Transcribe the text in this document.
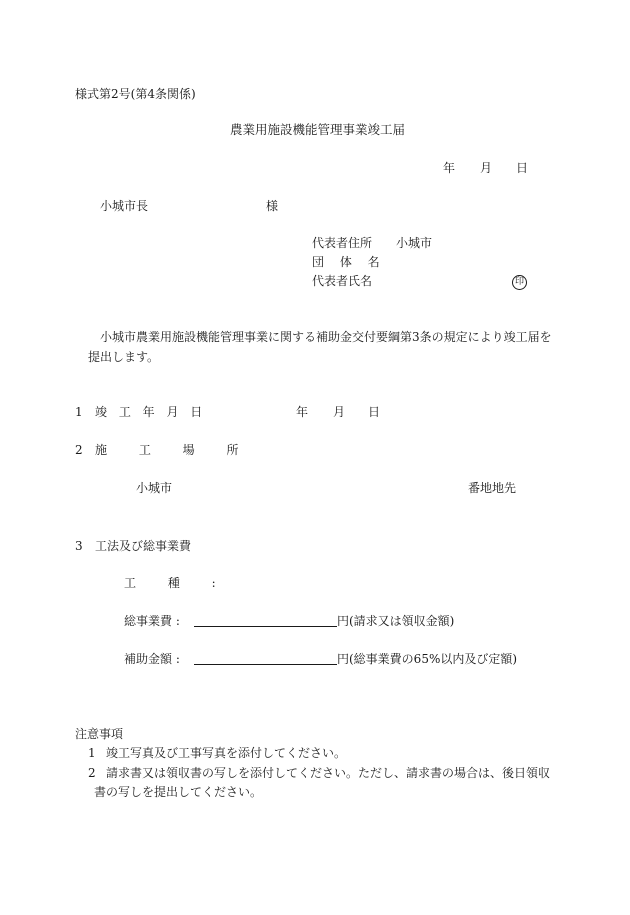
様式第2号(第4条関係)
農業用施設機能管理事業竣工届
年 月 日
小城市長	様
代表者住所 小城市
団 体 名
代表者氏名	印
小城市農業用施設機能管理事業に関する補助金交付要綱第3条の規定により竣工届を
提出します。
1 竣 工 年 月 日	年 月 日
2 施 工 場 所
小城市	番地地先
3 工法及び総事業費
工 種 :
総事業費 :	円(請求又は領収金額)
補助金額 :	円(総事業費の65%以内及び定額)
注意事項
1 竣工写真及び工事写真を添付してください。
2 請求書又は領収書の写しを添付してください。ただし、請求書の場合は、後日領収
書の写しを提出してください。
